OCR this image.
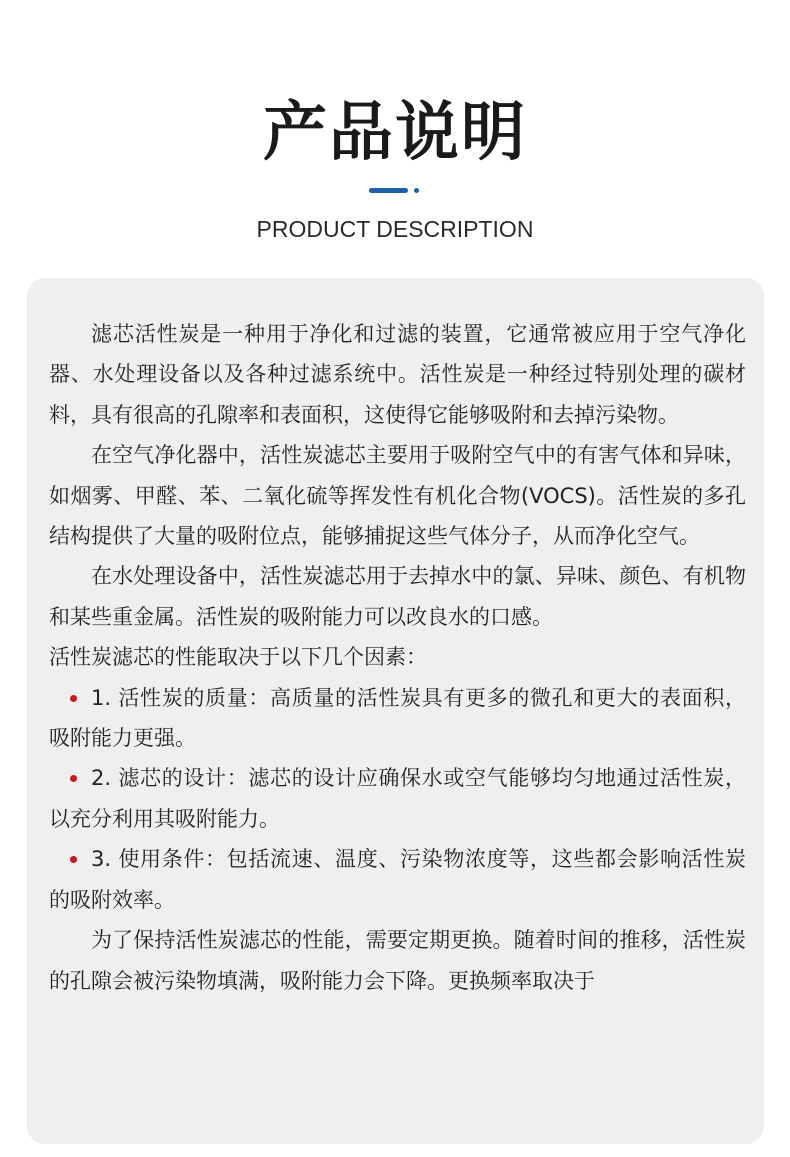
产品说明
PRODUCT DESCRIPTION

滤芯活性炭是一种用于净化和过滤的装置，它通常被应用于空气净化器、水处理设备以及各种过滤系统中。活性炭是一种经过特别处理的碳材料，具有很高的孔隙率和表面积，这使得它能够吸附和去掉污染物。

在空气净化器中，活性炭滤芯主要用于吸附空气中的有害气体和异味，如烟雾、甲醛、苯、二氧化硫等挥发性有机化合物(VOCS)。活性炭的多孔结构提供了大量的吸附位点，能够捕捉这些气体分子，从而净化空气。

在水处理设备中，活性炭滤芯用于去掉水中的氯、异味、颜色、有机物和某些重金属。活性炭的吸附能力可以改良水的口感。

活性炭滤芯的性能取决于以下几个因素：

1. 活性炭的质量：高质量的活性炭具有更多的微孔和更大的表面积，吸附能力更强。

2. 滤芯的设计：滤芯的设计应确保水或空气能够均匀地通过活性炭，以充分利用其吸附能力。

3. 使用条件：包括流速、温度、污染物浓度等，这些都会影响活性炭的吸附效率。

为了保持活性炭滤芯的性能，需要定期更换。随着时间的推移，活性炭的孔隙会被污染物填满，吸附能力会下降。更换频率取决于
